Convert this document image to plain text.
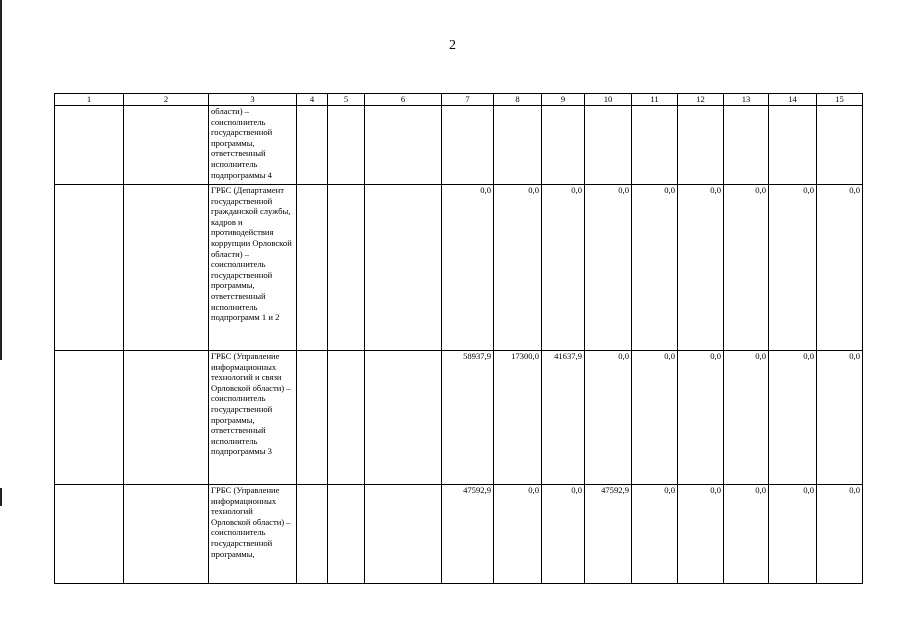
2
1	2	3	4	5	6	7	8	9	10	11	12	13	14	15
		области) – соисполнитель государственной программы, ответственный исполнитель подпрограммы 4												
		ГРБС (Департамент государственной гражданской службы, кадров и противодействия коррупции Орловской области) – соисполнитель государственной программы, ответственный исполнитель подпрограмм 1 и 2				0,0	0,0	0,0	0,0	0,0	0,0	0,0	0,0	0,0
		ГРБС (Управление информационных технологий и связи Орловской области) – соисполнитель государственной программы, ответственный исполнитель подпрограммы 3				58937,9	17300,0	41637,9	0,0	0,0	0,0	0,0	0,0	0,0
		ГРБС (Управление информационных технологий Орловской области) – соисполнитель государственной программы,				47592,9	0,0	0,0	47592,9	0,0	0,0	0,0	0,0	0,0
